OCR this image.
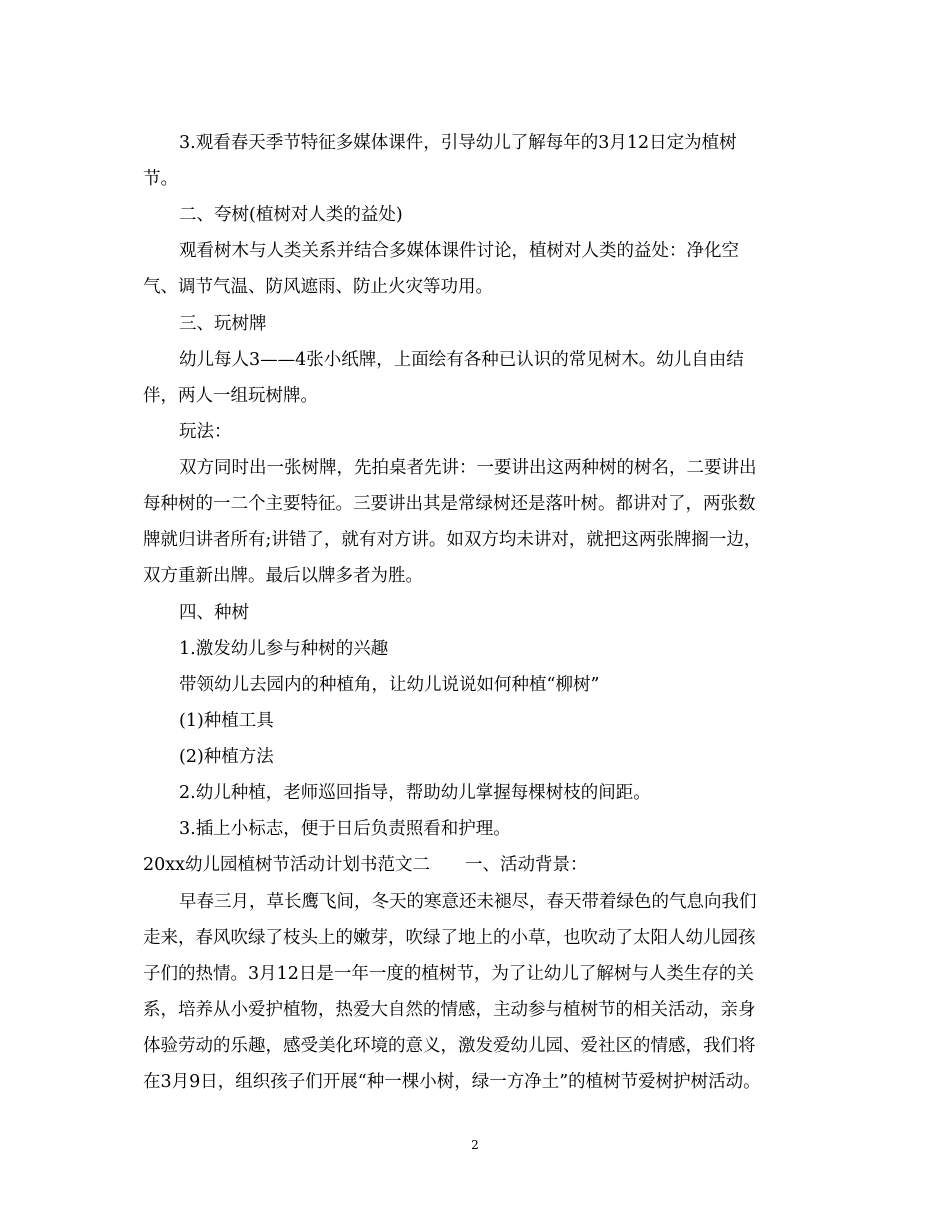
3.观看春天季节特征多媒体课件，引导幼儿了解每年的3月12日定为植树
节。
二、夸树(植树对人类的益处)
观看树木与人类关系并结合多媒体课件讨论，植树对人类的益处：净化空
气、调节气温、防风遮雨、防止火灾等功用。
三、玩树牌
幼儿每人3——4张小纸牌，上面绘有各种已认识的常见树木。幼儿自由结
伴，两人一组玩树牌。
玩法：
双方同时出一张树牌，先拍桌者先讲：一要讲出这两种树的树名，二要讲出
每种树的一二个主要特征。三要讲出其是常绿树还是落叶树。都讲对了，两张数
牌就归讲者所有;讲错了，就有对方讲。如双方均未讲对，就把这两张牌搁一边，
双方重新出牌。最后以牌多者为胜。
四、种树
1.激发幼儿参与种树的兴趣
带领幼儿去园内的种植角，让幼儿说说如何种植“柳树”
(1)种植工具
(2)种植方法
2.幼儿种植，老师巡回指导，帮助幼儿掌握每棵树枝的间距。
3.插上小标志，便于日后负责照看和护理。
20xx幼儿园植树节活动计划书范文二　　一、活动背景：
早春三月，草长鹰飞间，冬天的寒意还未褪尽，春天带着绿色的气息向我们
走来，春风吹绿了枝头上的嫩芽，吹绿了地上的小草，也吹动了太阳人幼儿园孩
子们的热情。3月12日是一年一度的植树节，为了让幼儿了解树与人类生存的关
系，培养从小爱护植物，热爱大自然的情感，主动参与植树节的相关活动，亲身
体验劳动的乐趣，感受美化环境的意义，激发爱幼儿园、爱社区的情感，我们将
在3月9日，组织孩子们开展“种一棵小树，绿一方净土”的植树节爱树护树活动。
2
